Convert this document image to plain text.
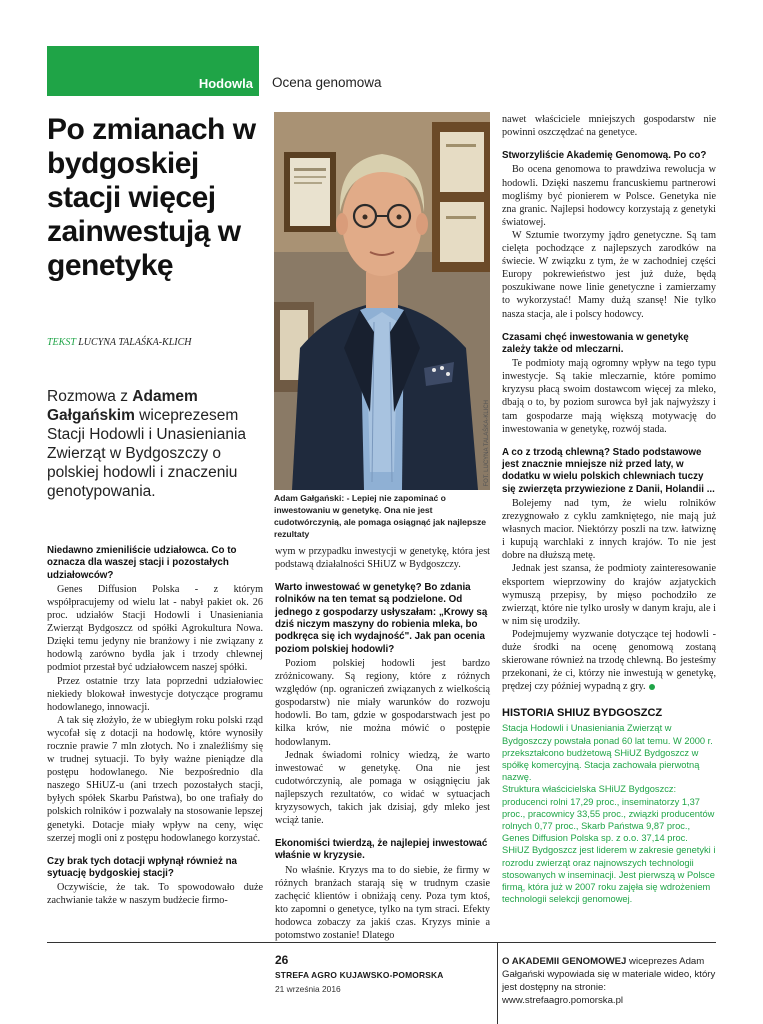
Hodowla Ocena genomowa
Po zmianach w bydgoskiej stacji więcej zainwestują w genetykę
TEKST LUCYNA TALAŚKA-KLICH
Rozmowa z Adamem Gałgańskim wiceprezesem Stacji Hodowli i Unasieniania Zwierząt w Bydgoszczy o polskiej hodowli i znaczeniu genotypowania.
FOT. LUCYNA TALAŚKA-KLICH
Adam Gałgański: - Lepiej nie zapominać o inwestowaniu w genetykę. Ona nie jest cudotwórczynią, ale pomaga osiągnąć jak najlepsze rezultaty
Niedawno zmieniliście udziałowca. Co to oznacza dla waszej stacji i pozostałych udziałowców?

Genes Diffusion Polska - z którym współpracujemy od wielu lat - nabył pakiet ok. 26 proc. udziałów Stacji Hodowli i Unasieniania Zwierząt Bydgoszcz od spółki Agrokultura Nowa. Dzięki temu jedyny nie branżowy i nie związany z hodowlą zarówno bydła jak i trzody chlewnej podmiot przestał być udziałowcem naszej spółki.

Przez ostatnie trzy lata poprzedni udziałowiec niekiedy blokował inwestycje dotyczące programu hodowlanego, innowacji.

A tak się złożyło, że w ubiegłym roku polski rząd wycofał się z dotacji na hodowlę, które wynosiły rocznie prawie 7 mln złotych. No i znaleźliśmy się w trudnej sytuacji. To były ważne pieniądze dla postępu hodowlanego. Nie bezpośrednio dla naszego SHiUZ-u (ani trzech pozostałych stacji, byłych spółek Skarbu Państwa), bo one trafiały do polskich rolników i pozwalały na stosowanie lepszej genetyki. Dotacje miały wpływ na ceny, więc szerzej mogli oni z postępu hodowlanego korzystać.

Czy brak tych dotacji wpłynął również na sytuację bydgoskiej stacji?

Oczywiście, że tak. To spowodowało duże zachwianie także w naszym budżecie firmo-

wym w przypadku inwestycji w genetykę, która jest podstawą działalności SHiUZ w Bydgoszczy.

Warto inwestować w genetykę? Bo zdania rolników na ten temat są podzielone. Od jednego z gospodarzy usłyszałam: „Krowy są dziś niczym maszyny do robienia mleka, bo podkręca się ich wydajność". Jak pan ocenia poziom polskiej hodowli?

Poziom polskiej hodowli jest bardzo zróżnicowany. Są regiony, które z różnych względów (np. ograniczeń związanych z wielkością gospodarstw) nie miały warunków do rozwoju hodowli. Bo tam, gdzie w gospodarstwach jest po kilka krów, nie można mówić o postępie hodowlanym.

Jednak świadomi rolnicy wiedzą, że warto inwestować w genetykę. Ona nie jest cudotwórczynią, ale pomaga w osiągnięciu jak najlepszych rezultatów, co widać w sytuacjach kryzysowych, takich jak dzisiaj, gdy mleko jest wciąż tanie.

Ekonomiści twierdzą, że najlepiej inwestować właśnie w kryzysie.

No właśnie. Kryzys ma to do siebie, że firmy w różnych branżach starają się w trudnym czasie zachęcić klientów i obniżają ceny. Poza tym ktoś, kto zapomni o genetyce, tylko na tym straci. Efekty hodowca zobaczy za jakiś czas. Kryzys minie a potomstwo zostanie! Dlatego

nawet właściciele mniejszych gospodarstw nie powinni oszczędzać na genetyce.

Stworzyliście Akademię Genomową. Po co?

Bo ocena genomowa to prawdziwa rewolucja w hodowli. Dzięki naszemu francuskiemu partnerowi mogliśmy być pionierem w Polsce. Genetyka nie zna granic. Najlepsi hodowcy korzystają z genetyki światowej.

W Sztumie tworzymy jądro genetyczne. Są tam cielęta pochodzące z najlepszych zarodków na świecie. W związku z tym, że w zachodniej części Europy pokrewieństwo jest już duże, będą poszukiwane nowe linie genetyczne i zamierzamy to wykorzystać! Mamy dużą szansę! Nie tylko nasza stacja, ale i polscy hodowcy.

Czasami chęć inwestowania w genetykę zależy także od mleczarni.

Te podmioty mają ogromny wpływ na tego typu inwestycje. Są takie mleczarnie, które pomimo kryzysu płacą swoim dostawcom więcej za mleko, dbają o to, by poziom surowca był jak najwyższy i tam gospodarze mają większą motywację do inwestowania w genetykę, rozwój stada.

A co z trzodą chlewną? Stado podstawowe jest znacznie mniejsze niż przed laty, w dodatku w wielu polskich chlewniach tuczy się zwierzęta przywiezione z Danii, Holandii ...

Bolejemy nad tym, że wielu rolników zrezygnowało z cyklu zamkniętego, nie mają już własnych macior. Niektórzy poszli na tzw. łatwiznę i kupują warchlaki z innych krajów. To nie jest dobre na dłuższą metę.

Jednak jest szansa, że podmioty zainteresowanie eksportem wieprzowiny do krajów azjatyckich wymuszą przepisy, by mięso pochodziło ze zwierząt, które nie tylko urosły w danym kraju, ale i w nim się urodziły.

Podejmujemy wyzwanie dotyczące tej hodowli - duże środki na ocenę genomową zostaną skierowane również na trzodę chlewną. Bo jesteśmy przekonani, że ci, którzy nie inwestują w genetykę, prędzej czy później wypadną z gry.

HISTORIA SHIUZ BYDGOSZCZ

Stacja Hodowli i Unasieniania Zwierząt w Bydgoszczy powstała ponad 60 lat temu. W 2000 r. przekształcono budżetową SHiUZ Bydgoszcz w spółkę komercyjną. Stacja zachowała pierwotną nazwę.

Struktura właścicielska SHiUZ Bydgoszcz: producenci rolni 17,29 proc., inseminatorzy 1,37 proc., pracownicy 33,55 proc., związki producentów rolnych 0,77 proc., Skarb Państwa 9,87 proc., Genes Diffusion Polska sp. z o.o. 37,14 proc.

SHiUZ Bydgoszcz jest liderem w zakresie genetyki i rozrodu zwierząt oraz najnowszych technologii stosowanych w inseminacji. Jest pierwszą w Polsce firmą, która już w 2007 roku zajęła się wdrożeniem technologii selekcji genomowej.

26
STREFA AGRO KUJAWSKO-POMORSKA
21 września 2016
O AKADEMII GENOMOWEJ wiceprezes Adam Gałgański wypowiada się w materiale wideo, który jest dostępny na stronie: www.strefaagro.pomorska.pl
